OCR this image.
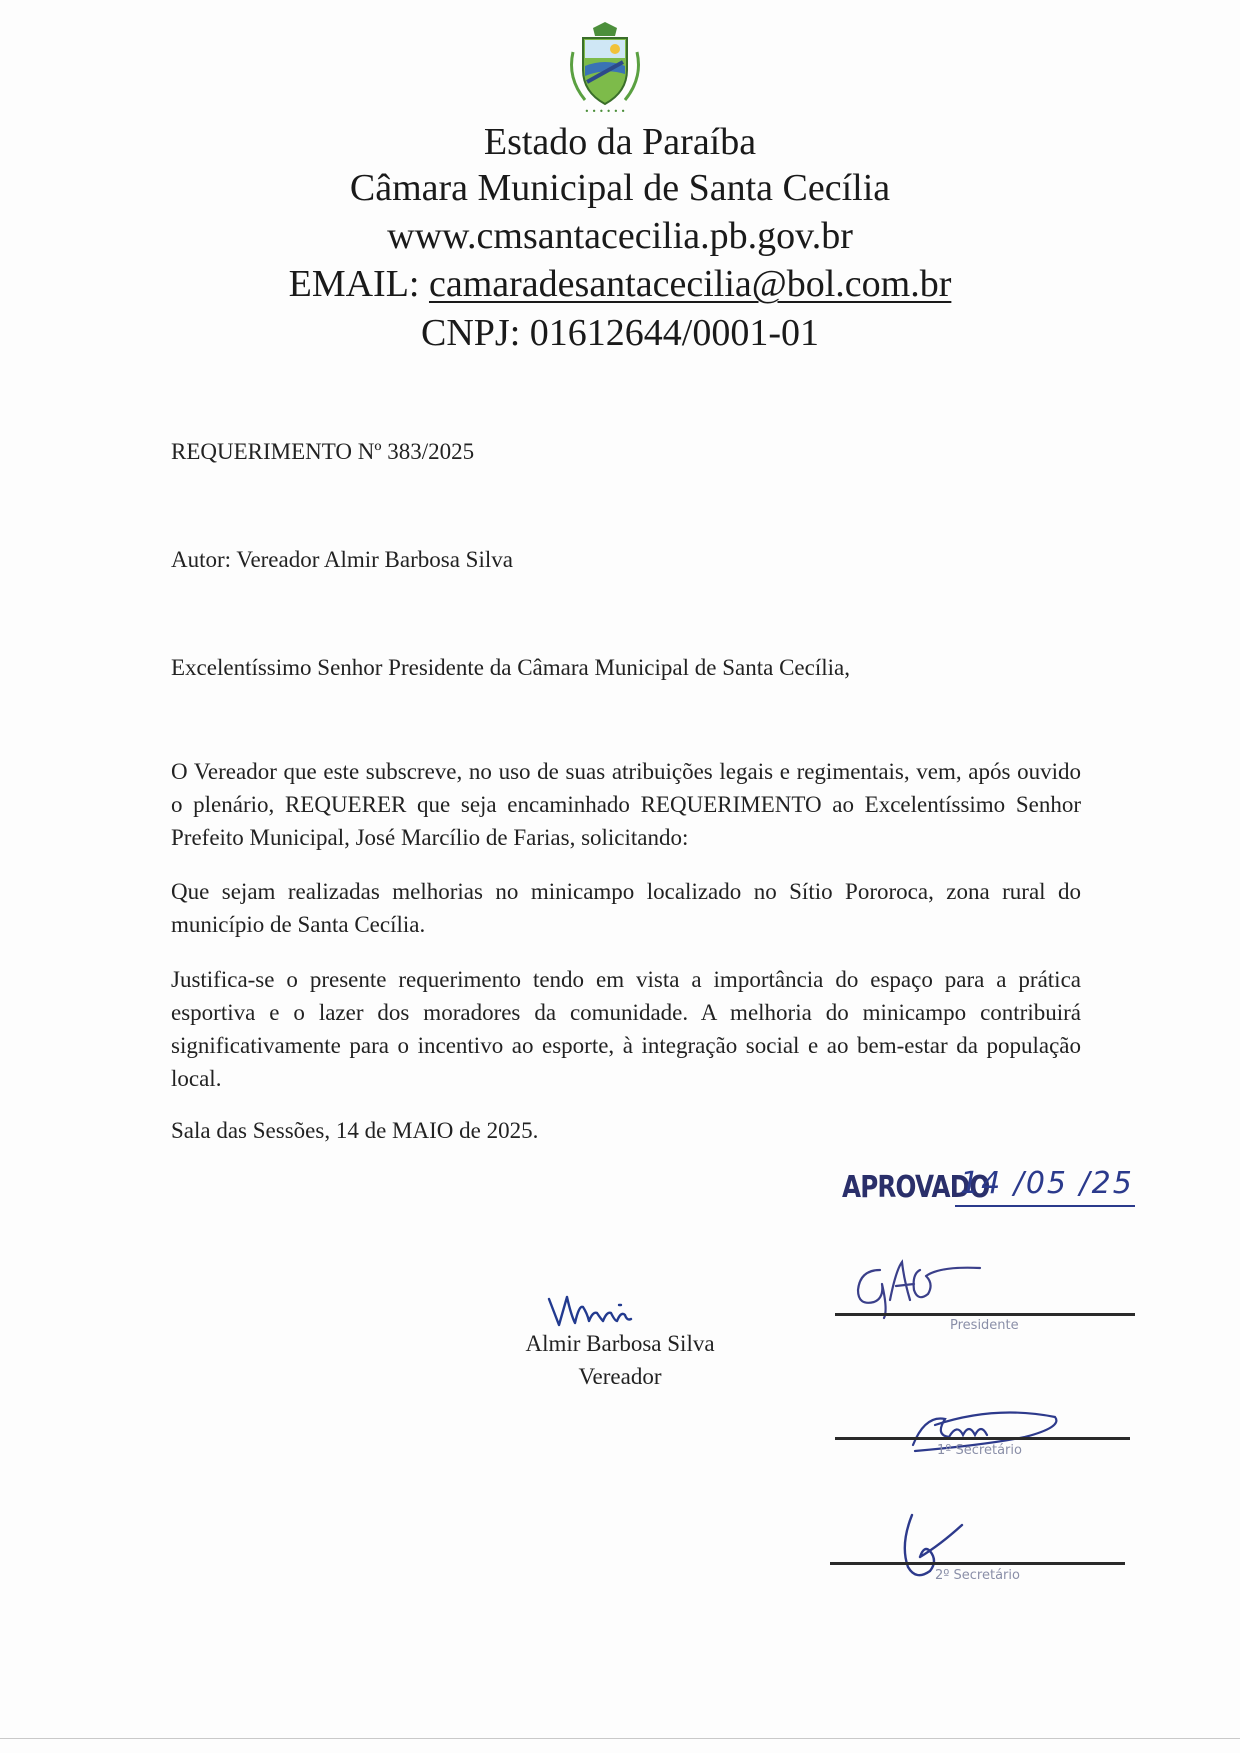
• • • • • •
Estado da Paraíba
Câmara Municipal de Santa Cecília
www.cmsantacecilia.pb.gov.br
EMAIL: camaradesantacecilia@bol.com.br
CNPJ: 01612644/0001-01
REQUERIMENTO Nº 383/2025
Autor: Vereador Almir Barbosa Silva
Excelentíssimo Senhor Presidente da Câmara Municipal de Santa Cecília,
O Vereador que este subscreve, no uso de suas atribuições legais e regimentais, vem, após ouvido o plenário, REQUERER que seja encaminhado REQUERIMENTO ao Excelentíssimo Senhor Prefeito Municipal, José Marcílio de Farias, solicitando:
Que sejam realizadas melhorias no minicampo localizado no Sítio Pororoca, zona rural do município de Santa Cecília.
Justifica-se o presente requerimento tendo em vista a importância do espaço para a prática esportiva e o lazer dos moradores da comunidade. A melhoria do minicampo contribuirá significativamente para o incentivo ao esporte, à integração social e ao bem-estar da população local.
Sala das Sessões, 14 de MAIO de 2025.
Almir Barbosa Silva
Vereador
APROVADO
14 /05 /25
Presidente
1º Secretário
2º Secretário
